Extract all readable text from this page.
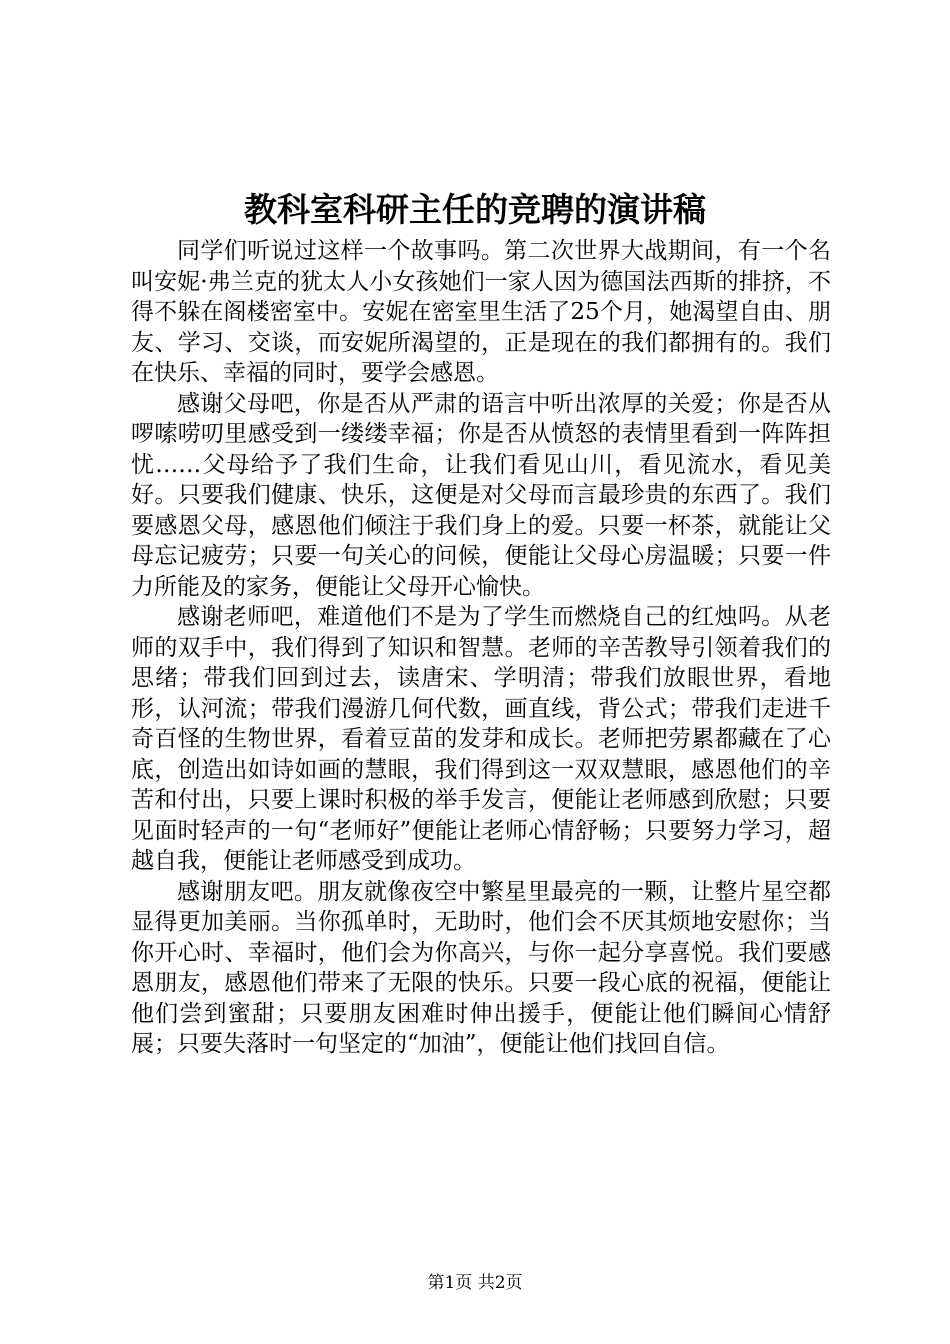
教科室科研主任的竞聘的演讲稿

同学们听说过这样一个故事吗。第二次世界大战期间，有一个名叫安妮·弗兰克的犹太人小女孩她们一家人因为德国法西斯的排挤，不得不躲在阁楼密室中。安妮在密室里生活了25个月，她渴望自由、朋友、学习、交谈，而安妮所渴望的，正是现在的我们都拥有的。我们在快乐、幸福的同时，要学会感恩。

感谢父母吧，你是否从严肃的语言中听出浓厚的关爱；你是否从啰嗦唠叨里感受到一缕缕幸福；你是否从愤怒的表情里看到一阵阵担忧……父母给予了我们生命，让我们看见山川，看见流水，看见美好。只要我们健康、快乐，这便是对父母而言最珍贵的东西了。我们要感恩父母，感恩他们倾注于我们身上的爱。只要一杯茶，就能让父母忘记疲劳；只要一句关心的问候，便能让父母心房温暖；只要一件力所能及的家务，便能让父母开心愉快。

感谢老师吧，难道他们不是为了学生而燃烧自己的红烛吗。从老师的双手中，我们得到了知识和智慧。老师的辛苦教导引领着我们的思绪；带我们回到过去，读唐宋、学明清；带我们放眼世界，看地形，认河流；带我们漫游几何代数，画直线，背公式；带我们走进千奇百怪的生物世界，看着豆苗的发芽和成长。老师把劳累都藏在了心底，创造出如诗如画的慧眼，我们得到这一双双慧眼，感恩他们的辛苦和付出，只要上课时积极的举手发言，便能让老师感到欣慰；只要见面时轻声的一句“老师好”便能让老师心情舒畅；只要努力学习，超越自我，便能让老师感受到成功。

感谢朋友吧。朋友就像夜空中繁星里最亮的一颗，让整片星空都显得更加美丽。当你孤单时，无助时，他们会不厌其烦地安慰你；当你开心时、幸福时，他们会为你高兴，与你一起分享喜悦。我们要感恩朋友，感恩他们带来了无限的快乐。只要一段心底的祝福，便能让他们尝到蜜甜；只要朋友困难时伸出援手，便能让他们瞬间心情舒展；只要失落时一句坚定的“加油”，便能让他们找回自信。

第1页 共2页
